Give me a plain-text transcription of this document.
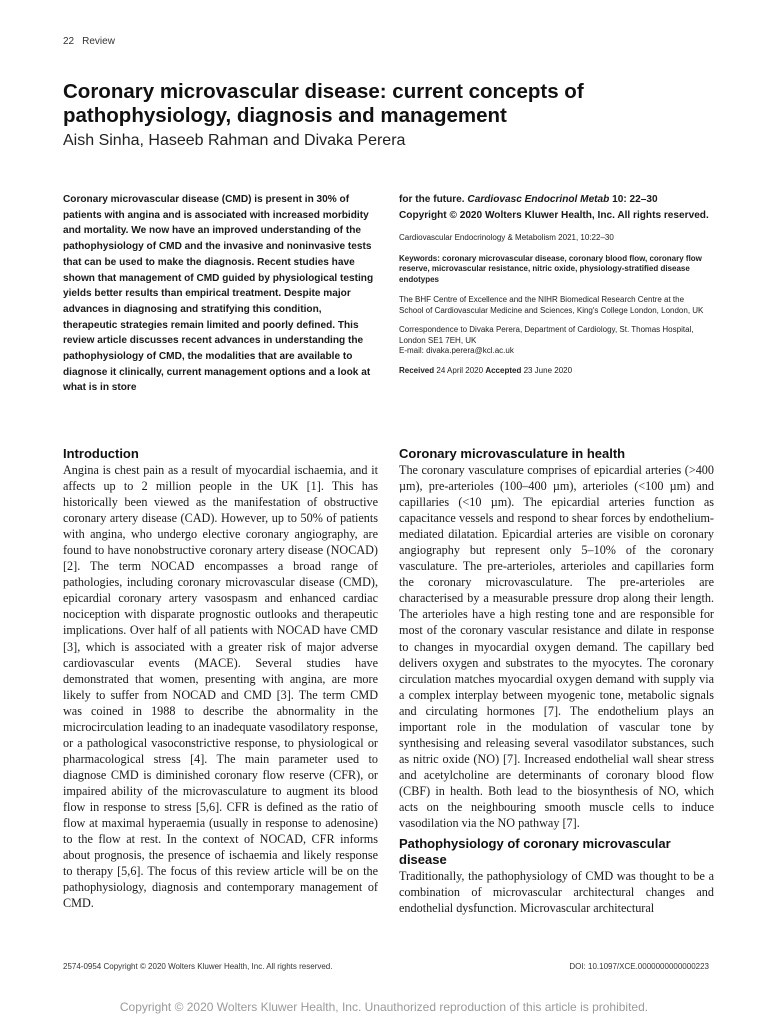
22 Review
Coronary microvascular disease: current concepts of pathophysiology, diagnosis and management

Aish Sinha, Haseeb Rahman and Divaka Perera

Coronary microvascular disease (CMD) is present in 30% of patients with angina and is associated with increased morbidity and mortality. We now have an improved understanding of the pathophysiology of CMD and the invasive and noninvasive tests that can be used to make the diagnosis. Recent studies have shown that management of CMD guided by physiological testing yields better results than empirical treatment. Despite major advances in diagnosing and stratifying this condition, therapeutic strategies remain limited and poorly defined. This review article discusses recent advances in understanding the pathophysiology of CMD, the modalities that are available to diagnose it clinically, current management options and a look at what is in store

for the future. Cardiovasc Endocrinol Metab 10: 22–30
Copyright © 2020 Wolters Kluwer Health, Inc. All rights reserved.

Cardiovascular Endocrinology & Metabolism 2021, 10:22–30

Keywords: coronary microvascular disease, coronary blood flow, coronary flow reserve, microvascular resistance, nitric oxide, physiology-stratified disease endotypes

The BHF Centre of Excellence and the NIHR Biomedical Research Centre at the School of Cardiovascular Medicine and Sciences, King's College London, London, UK

Correspondence to Divaka Perera, Department of Cardiology, St. Thomas Hospital, London SE1 7EH, UK
E-mail: divaka.perera@kcl.ac.uk

Received 24 April 2020 Accepted 23 June 2020

Introduction

Angina is chest pain as a result of myocardial ischaemia, and it affects up to 2 million people in the UK [1]. This has historically been viewed as the manifestation of obstructive coronary artery disease (CAD). However, up to 50% of patients with angina, who undergo elective coronary angiography, are found to have nonobstructive coronary artery disease (NOCAD) [2]. The term NOCAD encompasses a broad range of pathologies, including coronary microvascular disease (CMD), epicardial coronary artery vasospasm and enhanced cardiac nociception with disparate prognostic outlooks and therapeutic implications. Over half of all patients with NOCAD have CMD [3], which is associated with a greater risk of major adverse cardiovascular events (MACE). Several studies have demonstrated that women, presenting with angina, are more likely to suffer from NOCAD and CMD [3]. The term CMD was coined in 1988 to describe the abnormality in the microcirculation leading to an inadequate vasodilatory response, or a pathological vasoconstrictive response, to physiological or pharmacological stress [4]. The main parameter used to diagnose CMD is diminished coronary flow reserve (CFR), or impaired ability of the microvasculature to augment its blood flow in response to stress [5,6]. CFR is defined as the ratio of flow at maximal hyperaemia (usually in response to adenosine) to the flow at rest. In the context of NOCAD, CFR informs about prognosis, the presence of ischaemia and likely response to therapy [5,6]. The focus of this review article will be on the pathophysiology, diagnosis and contemporary management of CMD.

Coronary microvasculature in health

The coronary vasculature comprises of epicardial arteries (>400 µm), pre-arterioles (100–400 µm), arterioles (<100 µm) and capillaries (<10 µm). The epicardial arteries function as capacitance vessels and respond to shear forces by endothelium-mediated dilatation. Epicardial arteries are visible on coronary angiography but represent only 5–10% of the coronary vasculature. The pre-arterioles, arterioles and capillaries form the coronary microvasculature. The pre-arterioles are characterised by a measurable pressure drop along their length. The arterioles have a high resting tone and are responsible for most of the coronary vascular resistance and dilate in response to changes in myocardial oxygen demand. The capillary bed delivers oxygen and substrates to the myocytes. The coronary circulation matches myocardial oxygen demand with supply via a complex interplay between myogenic tone, metabolic signals and circulating hormones [7]. The endothelium plays an important role in the modulation of vascular tone by synthesising and releasing several vasodilator substances, such as nitric oxide (NO) [7]. Increased endothelial wall shear stress and acetylcholine are determinants of coronary blood flow (CBF) in health. Both lead to the biosynthesis of NO, which acts on the neighbouring smooth muscle cells to induce vasodilation via the NO pathway [7].

Pathophysiology of coronary microvascular disease

Traditionally, the pathophysiology of CMD was thought to be a combination of microvascular architectural changes and endothelial dysfunction. Microvascular architectural

2574-0954 Copyright © 2020 Wolters Kluwer Health, Inc. All rights reserved.	DOI: 10.1097/XCE.0000000000000223
Copyright © 2020 Wolters Kluwer Health, Inc. Unauthorized reproduction of this article is prohibited.
